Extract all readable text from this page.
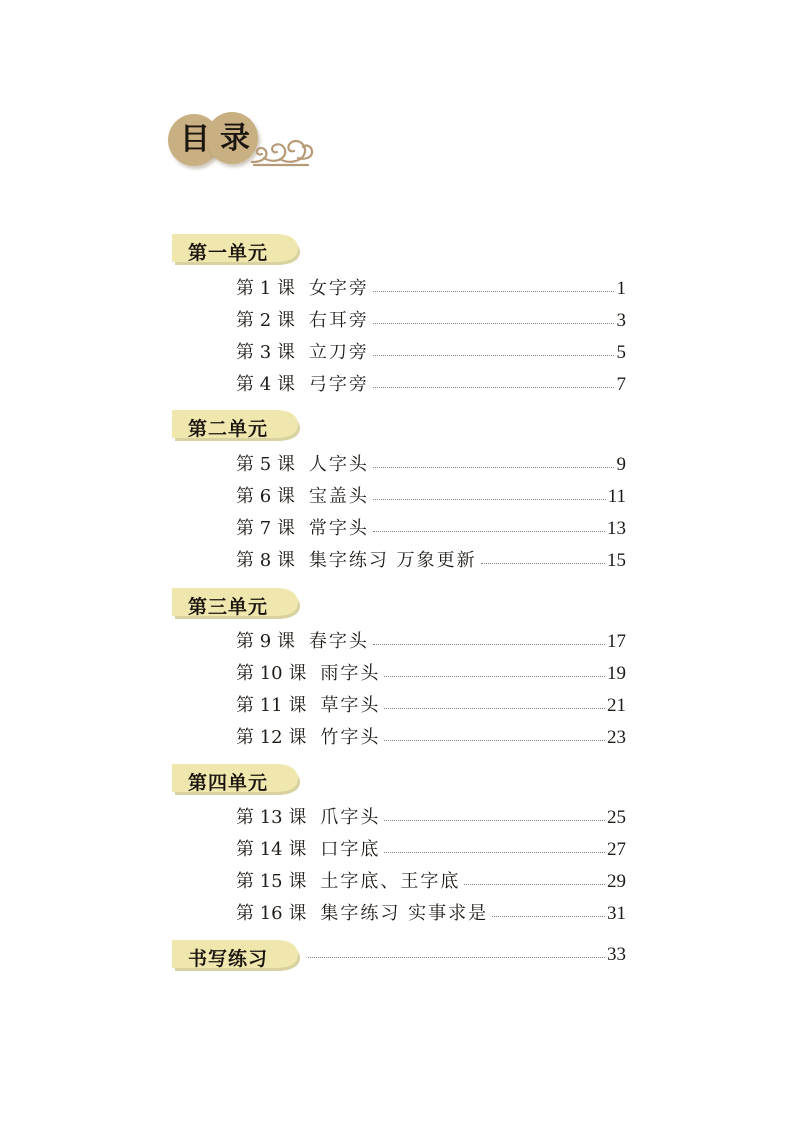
目 录
第一单元
第 1 课 女字旁	1
第 2 课 右耳旁	3
第 3 课 立刀旁	5
第 4 课 弓字旁	7
第二单元
第 5 课 人字头	9
第 6 课 宝盖头	11
第 7 课 常字头	13
第 8 课 集字练习 万象更新	15
第三单元
第 9 课 春字头	17
第 10 课 雨字头	19
第 11 课 草字头	21
第 12 课 竹字头	23
第四单元
第 13 课 爪字头	25
第 14 课 口字底	27
第 15 课 土字底、王字底	29
第 16 课 集字练习 实事求是	31
书写练习	33
